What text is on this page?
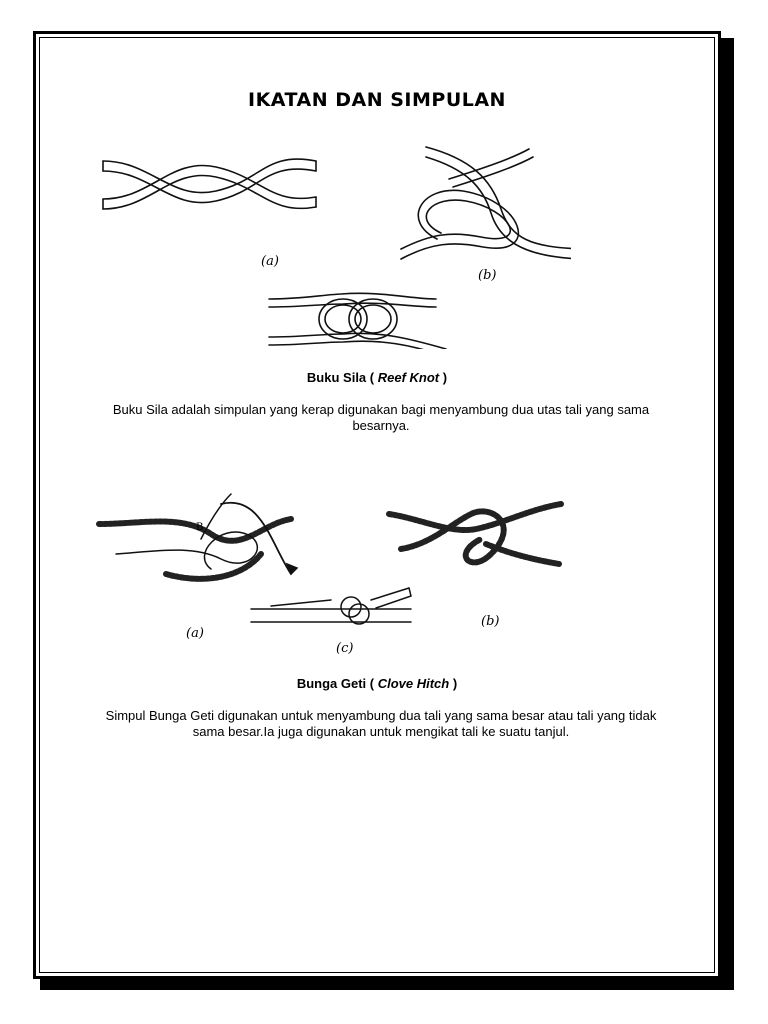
IKATAN DAN SIMPULAN
(a)
(b)
Buku Sila ( Reef Knot )
Buku Sila adalah simpulan yang kerap digunakan bagi menyambung dua utas tali yang sama besarnya.
B
(a)
(b)
(c)
Bunga Geti ( Clove Hitch )
Simpul Bunga Geti digunakan untuk menyambung dua tali yang sama besar atau tali yang tidak sama besar.Ia juga digunakan untuk mengikat tali ke suatu tanjul.
